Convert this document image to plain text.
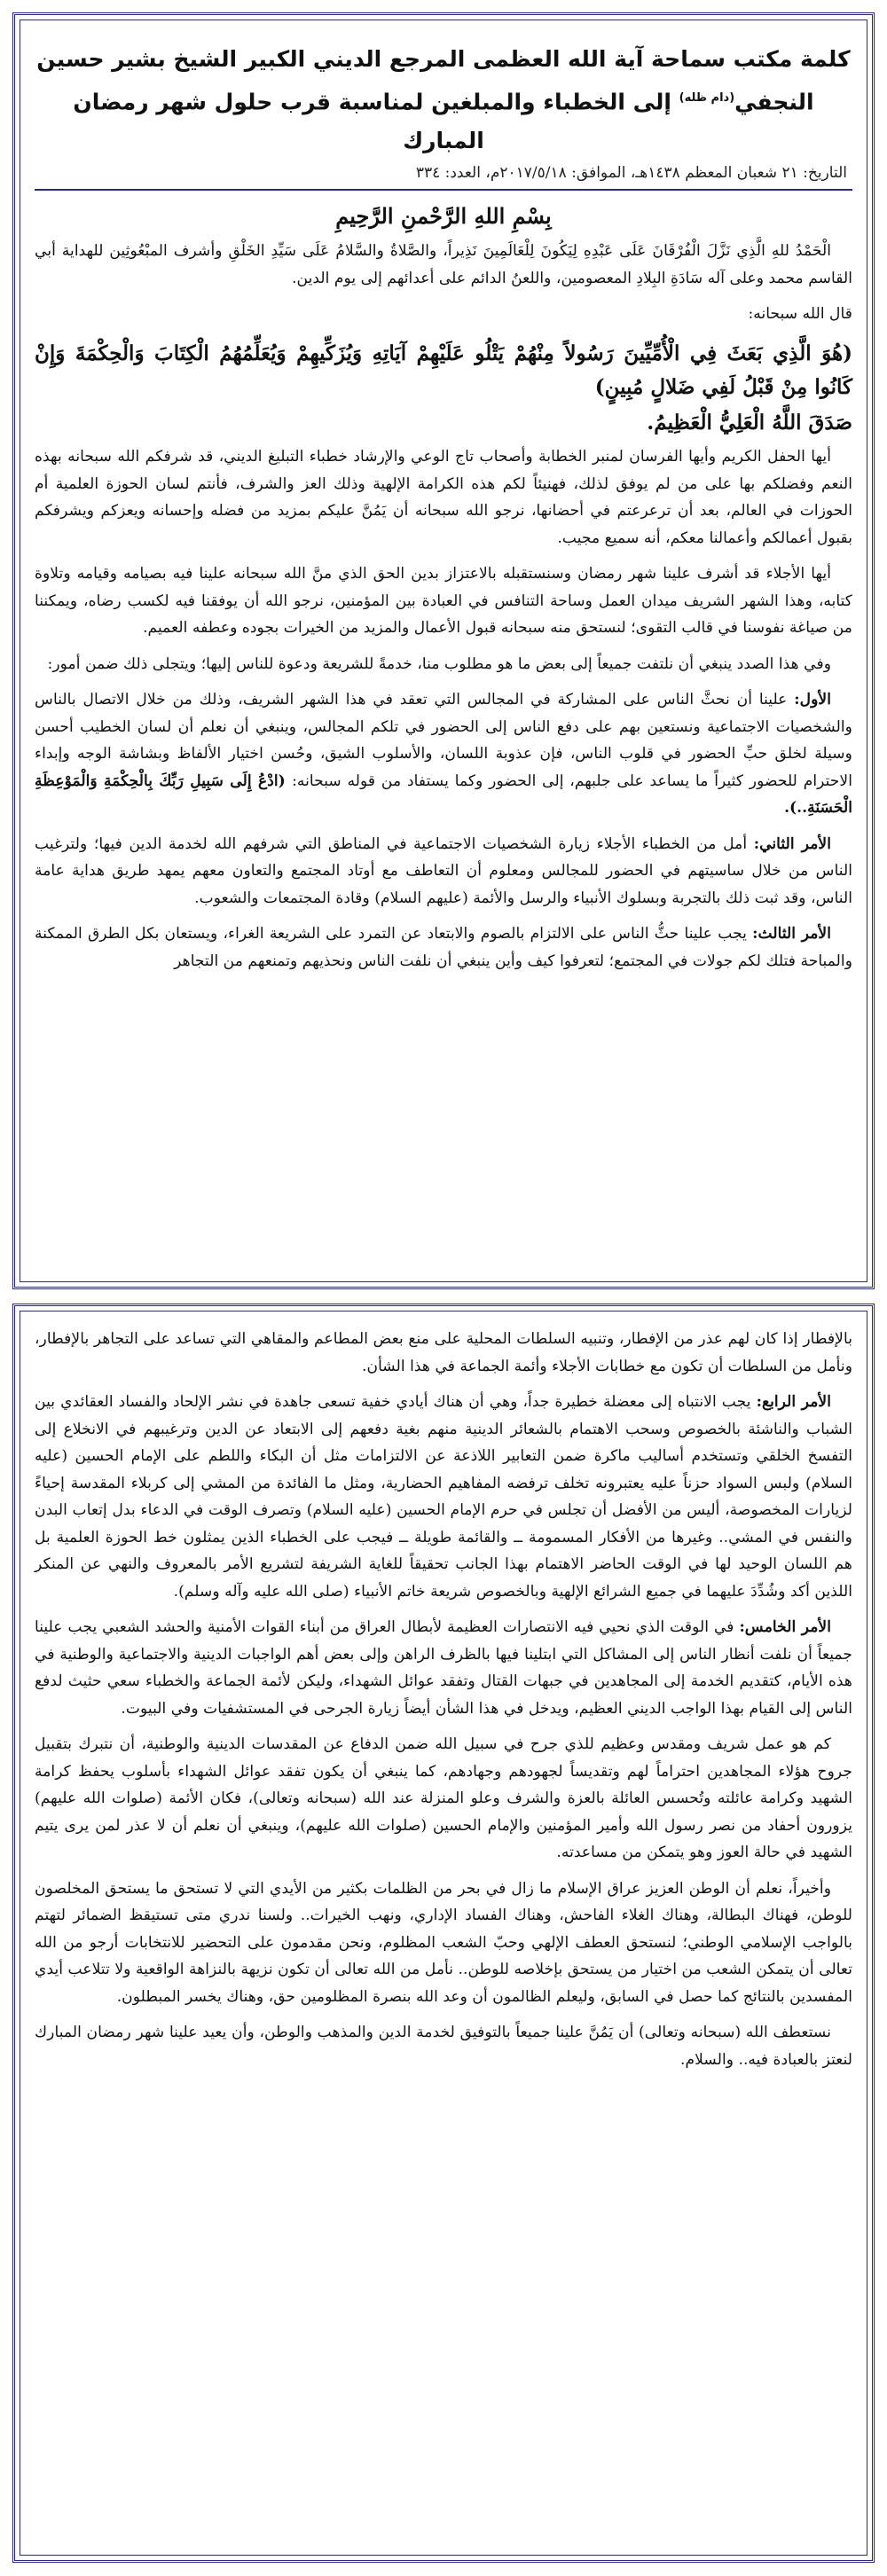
كلمة مكتب سماحة آية الله العظمى المرجع الديني الكبير الشيخ بشير حسين
النجفي$^{(دام ظله)}$ إلى الخطباء والمبلغين لمناسبة قرب حلول شهر رمضان المبارك
التاريخ: ٢١ شعبان المعظم ١٤٣٨هـ، الموافق: ٢٠١٧/٥/١٨م، العدد: ٣٣٤
بِسْمِ اللهِ الرَّحْمنِ الرَّحِيمِ

الْحَمْدُ للهِ الَّذِي نَزَّلَ الْفُرْقَانَ عَلَى عَبْدِهِ لِيَكُونَ لِلْعَالَمِينَ نَذِيراً، والصَّلاةُ والسَّلامُ عَلَى سَيِّدِ الخَلْقِ وأشرف المبْعُوثِين للهداية أبي القاسم محمد وعلى آله سَادَةِ البِلادِ المعصومين، واللعنُ الدائم على أعدائهم إلى يوم الدين.

قال الله سبحانه:

(هُوَ الَّذِي بَعَثَ فِي الْأُمِّيِّينَ رَسُولاً مِنْهُمْ يَتْلُو عَلَيْهِمْ آيَاتِهِ وَيُزَكِّيهِمْ وَيُعَلِّمُهُمُ الْكِتَابَ وَالْحِكْمَةَ وَإِنْ كَانُوا مِنْ قَبْلُ لَفِي ضَلالٍ مُبِينٍ)

صَدَقَ اللَّهُ الْعَلِيُّ الْعَظِيمُ.

أيها الحفل الكريم وأيها الفرسان لمنبر الخطابة وأصحاب تاج الوعي والإرشاد خطباء التبليغ الديني، قد شرفكم الله سبحانه بهذه النعم وفضلكم بها على من لم يوفق لذلك، فهنيئاً لكم هذه الكرامة الإلهية وذلك العز والشرف، فأنتم لسان الحوزة العلمية أم الحوزات في العالم، بعد أن ترعرعتم في أحضانها، نرجو الله سبحانه أن يَمُنَّ عليكم بمزيد من فضله وإحسانه ويعزكم ويشرفكم بقبول أعمالكم وأعمالنا معكم، أنه سميع مجيب.

أيها الأجلاء قد أشرف علينا شهر رمضان وسنستقبله بالاعتزاز بدين الحق الذي منَّ الله سبحانه علينا فيه بصيامه وقيامه وتلاوة كتابه، وهذا الشهر الشريف ميدان العمل وساحة التنافس في العبادة بين المؤمنين، نرجو الله أن يوفقنا فيه لكسب رضاه، ويمكننا من صياغة نفوسنا في قالب التقوى؛ لنستحق منه سبحانه قبول الأعمال والمزيد من الخيرات بجوده وعطفه العميم.

وفي هذا الصدد ينبغي أن نلتفت جميعاً إلى بعض ما هو مطلوب منا، خدمةً للشريعة ودعوة للناس إليها؛ ويتجلى ذلك ضمن أمور:

الأول: علينا أن نحثَّ الناس على المشاركة في المجالس التي تعقد في هذا الشهر الشريف، وذلك من خلال الاتصال بالناس والشخصيات الاجتماعية ونستعين بهم على دفع الناس إلى الحضور في تلكم المجالس، وينبغي أن نعلم أن لسان الخطيب أحسن وسيلة لخلق حبِّ الحضور في قلوب الناس، فإن عذوبة اللسان، والأسلوب الشيق، وحُسن اختيار الألفاظ وبشاشة الوجه وإبداء الاحترام للحضور كثيراً ما يساعد على جلبهم، إلى الحضور وكما يستفاد من قوله سبحانه: (ادْعُ إِلَى سَبِيلِ رَبِّكَ بِالْحِكْمَةِ وَالْمَوْعِظَةِ الْحَسَنَةِ..).

الأمر الثاني: أمل من الخطباء الأجلاء زيارة الشخصيات الاجتماعية في المناطق التي شرفهم الله لخدمة الدين فيها؛ ولترغيب الناس من خلال ساسيتهم في الحضور للمجالس ومعلوم أن التعاطف مع أوتاد المجتمع والتعاون معهم يمهد طريق هداية عامة الناس، وقد ثبت ذلك بالتجربة وبسلوك الأنبياء والرسل والأئمة (عليهم السلام) وقادة المجتمعات والشعوب.

الأمر الثالث: يجب علينا حثُّ الناس على الالتزام بالصوم والابتعاد عن التمرد على الشريعة الغراء، ويستعان بكل الطرق الممكنة والمباحة فتلك لكم جولات في المجتمع؛ لتعرفوا كيف وأين ينبغي أن نلفت الناس ونحذيهم وتمنعهم من التجاهر

بالإفطار إذا كان لهم عذر من الإفطار، وتنبيه السلطات المحلية على منع بعض المطاعم والمقاهي التي تساعد على التجاهر بالإفطار، ونأمل من السلطات أن تكون مع خطابات الأجلاء وأئمة الجماعة في هذا الشأن.

الأمر الرابع: يجب الانتباه إلى معضلة خطيرة جداً، وهي أن هناك أيادي خفية تسعى جاهدة في نشر الإلحاد والفساد العقائدي بين الشباب والناشئة بالخصوص وسحب الاهتمام بالشعائر الدينية منهم بغية دفعهم إلى الابتعاد عن الدين وترغيبهم في الانخلاع إلى التفسخ الخلقي وتستخدم أساليب ماكرة ضمن التعابير اللاذعة عن الالتزامات مثل أن البكاء واللطم على الإمام الحسين (عليه السلام) ولبس السواد حزناً عليه يعتبرونه تخلف ترفضه المفاهيم الحضارية، ومثل ما الفائدة من المشي إلى كربلاء المقدسة إحياءً لزيارات المخصوصة، أليس من الأفضل أن تجلس في حرم الإمام الحسين (عليه السلام) وتصرف الوقت في الدعاء بدل إتعاب البدن والنفس في المشي.. وغيرها من الأفكار المسمومة ــ والقائمة طويلة ــ فيجب على الخطباء الذين يمثلون خط الحوزة العلمية بل هم اللسان الوحيد لها في الوقت الحاضر الاهتمام بهذا الجانب تحقيقاً للغاية الشريفة لتشريع الأمر بالمعروف والنهي عن المنكر اللذين أكد وشُدِّدَ عليهما في جميع الشرائع الإلهية وبالخصوص شريعة خاتم الأنبياء (صلى الله عليه وآله وسلم).

الأمر الخامس: في الوقت الذي نحيي فيه الانتصارات العظيمة لأبطال العراق من أبناء القوات الأمنية والحشد الشعبي يجب علينا جميعاً أن نلفت أنظار الناس إلى المشاكل التي ابتلينا فيها بالظرف الراهن وإلى بعض أهم الواجبات الدينية والاجتماعية والوطنية في هذه الأيام، كتقديم الخدمة إلى المجاهدين في جبهات القتال وتفقد عوائل الشهداء، وليكن لأئمة الجماعة والخطباء سعي حثيث لدفع الناس إلى القيام بهذا الواجب الديني العظيم، ويدخل في هذا الشأن أيضاً زيارة الجرحى في المستشفيات وفي البيوت.

كم هو عمل شريف ومقدس وعظيم للذي جرح في سبيل الله ضمن الدفاع عن المقدسات الدينية والوطنية، أن نتبرك بتقبيل جروح هؤلاء المجاهدين احتراماً لهم وتقديساً لجهودهم وجهادهم، كما ينبغي أن يكون تفقد عوائل الشهداء بأسلوب يحفظ كرامة الشهيد وكرامة عائلته وتُحسس العائلة بالعزة والشرف وعلو المنزلة عند الله (سبحانه وتعالى)، فكان الأئمة (صلوات الله عليهم) يزورون أحفاد من نصر رسول الله وأمير المؤمنين والإمام الحسين (صلوات الله عليهم)، وينبغي أن نعلم أن لا عذر لمن يرى يتيم الشهيد في حالة العوز وهو يتمكن من مساعدته.

وأخيراً، نعلم أن الوطن العزيز عراق الإسلام ما زال في بحر من الظلمات بكثير من الأيدي التي لا تستحق ما يستحق المخلصون للوطن، فهناك البطالة، وهناك الغلاء الفاحش، وهناك الفساد الإداري، ونهب الخيرات.. ولسنا ندري متى تستيقظ الضمائر لتهتم بالواجب الإسلامي الوطني؛ لنستحق العطف الإلهي وحبّ الشعب المظلوم، ونحن مقدمون على التحضير للانتخابات أرجو من الله تعالى أن يتمكن الشعب من اختيار من يستحق بإخلاصه للوطن.. نأمل من الله تعالى أن تكون نزيهة بالنزاهة الواقعية ولا تتلاعب أيدي المفسدين بالنتائج كما حصل في السابق، وليعلم الظالمون أن وعد الله بنصرة المظلومين حق، وهناك يخسر المبطلون.

نستعطف الله (سبحانه وتعالى) أن يَمُنَّ علينا جميعاً بالتوفيق لخدمة الدين والمذهب والوطن، وأن يعيد علينا شهر رمضان المبارك لنعتز بالعبادة فيه.. والسلام.
